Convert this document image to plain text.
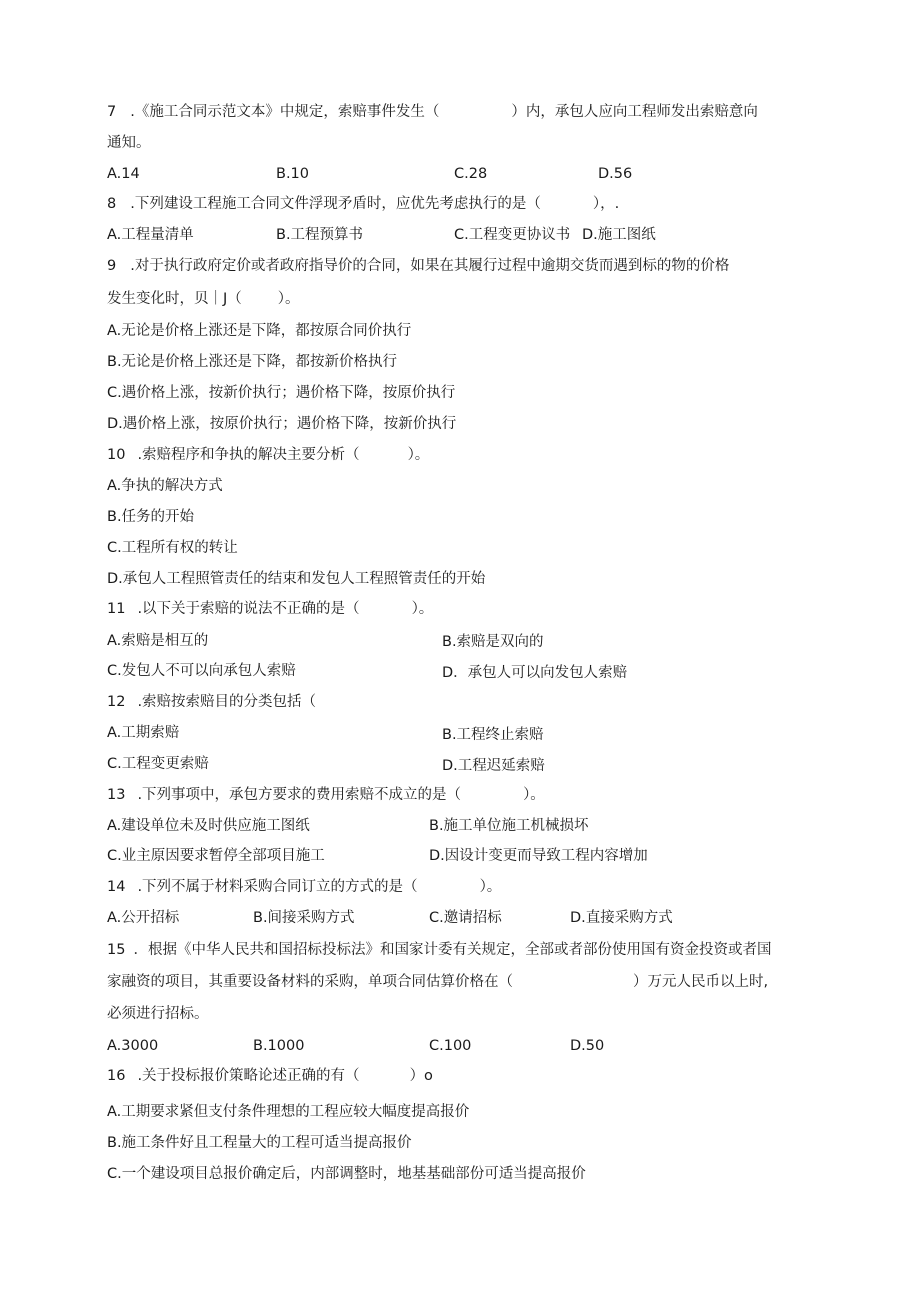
7 .《施工合同示范文本》中规定，索赔事件发生（	）内，承包人应向工程师发出索赔意向
通知。
A.14	B.10	C.28	D.56
8 .下列建设工程施工合同文件浮现矛盾时，应优先考虑执行的是（	），.
A.工程量清单	B.工程预算书	C.工程变更协议书 D.施工图纸
9 .对于执行政府定价或者政府指导价的合同，如果在其履行过程中逾期交货而遇到标的物的价格
发生变化时，贝｜J（ ）。
A.无论是价格上涨还是下降，都按原合同价执行
B.无论是价格上涨还是下降，都按新价格执行
C.遇价格上涨，按新价执行；遇价格下降，按原价执行
D.遇价格上涨，按原价执行；遇价格下降，按新价执行
10 .索赔程序和争执的解决主要分析（	）。
A.争执的解决方式
B.任务的开始
C.工程所有权的转让
D.承包人工程照管责任的结束和发包人工程照管责任的开始
11 .以下关于索赔的说法不正确的是（	）。
A.索赔是相互的	B.索赔是双向的
C.发包人不可以向承包人索赔	D．承包人可以向发包人索赔
12 .索赔按索赔目的分类包括（
A.工期索赔	B.工程终止索赔
C.工程变更索赔	D.工程迟延索赔
13 .下列事项中，承包方要求的费用索赔不成立的是（	）。
A.建设单位未及时供应施工图纸	B.施工单位施工机械损坏
C.业主原因要求暂停全部项目施工	D.因设计变更而导致工程内容增加
14 .下列不属于材料采购合同订立的方式的是（	）。
A.公开招标	B.间接采购方式	C.邀请招标	D.直接采购方式
15 ．根据《中华人民共和国招标投标法》和国家计委有关规定，全部或者部份使用国有资金投资或者国
家融资的项目，其重要设备材料的采购，单项合同估算价格在（	）万元人民币以上时,
必须进行招标。
A.3000	B.1000	C.100	D.50
16 .关于投标报价策略论述正确的有（	）o
A.工期要求紧但支付条件理想的工程应较大幅度提高报价
B.施工条件好且工程量大的工程可适当提高报价
C.一个建设项目总报价确定后，内部调整时，地基基础部份可适当提高报价
